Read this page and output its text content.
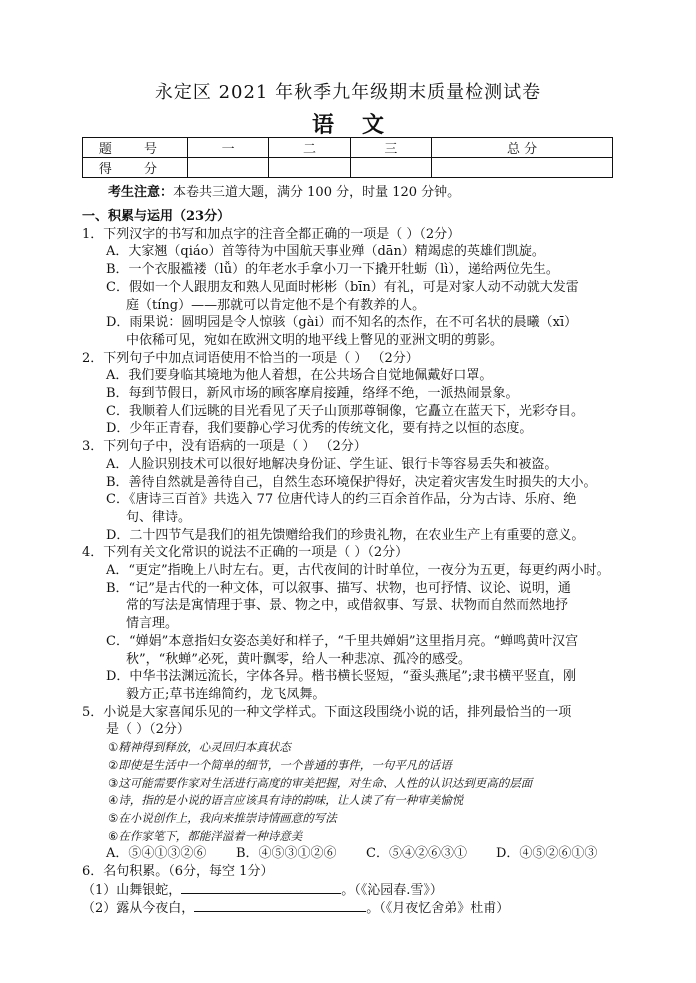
永定区 2021 年秋季九年级期末质量检测试卷
语文
题 号	一	二	三	总 分
得 分				
考生注意：本卷共三道大题，满分 100 分，时量 120 分钟。
一、积累与运用（23分）
1．下列汉字的书写和加点字的注音全都正确的一项是（ ）（2分）
A．大家翘（qiáo）首等待为中国航天事业殚（dān）精竭虑的英雄们凯旋。
B．一个衣服褴褛（lǚ）的年老水手拿小刀一下撬开牡蛎（lì），递给两位先生。
C．假如一个人跟朋友和熟人见面时彬彬（bīn）有礼，可是对家人动不动就大发雷
庭（tíng）——那就可以肯定他不是个有教养的人。
D．雨果说：圆明园是令人惊骇（gài）而不知名的杰作，在不可名状的晨曦（xī）
中依稀可见，宛如在欧洲文明的地平线上瞥见的亚洲文明的剪影。
2．下列句子中加点词语使用不恰当的一项是（ ） （2分）
A．我们要身临其境地为他人着想，在公共场合自觉地佩戴好口罩。
B．每到节假日，新风市场的顾客摩肩接踵，络绎不绝，一派热闹景象。
C．我顺着人们远眺的目光看见了天子山顶那尊铜像，它矗立在蓝天下，光彩夺目。
D．少年正青春，我们要静心学习优秀的传统文化，要有持之以恒的态度。
3．下列句子中，没有语病的一项是（ ） （2分）
A．人脸识别技术可以很好地解决身份证、学生证、银行卡等容易丢失和被盗。
B．善待自然就是善待自己，自然生态环境保护得好，决定着灾害发生时损失的大小。
C．《唐诗三百首》共选入 77 位唐代诗人的约三百余首作品，分为古诗、乐府、绝
句、律诗。
D．二十四节气是我们的祖先馈赠给我们的珍贵礼物，在农业生产上有重要的意义。
4．下列有关文化常识的说法不正确的一项是（ ）（2分）
A．“更定”指晚上八时左右。更，古代夜间的计时单位，一夜分为五更，每更约两小时。
B．“记”是古代的一种文体，可以叙事、描写、状物，也可抒情、议论、说明，通
常的写法是寓情理于事、景、物之中，或借叙事、写景、状物而自然而然地抒
情言理。
C．“婵娟”本意指妇女姿态美好和样子，“千里共婵娟”这里指月亮。“蝉鸣黄叶汉宫
秋”，“秋蝉”必死，黄叶飘零，给人一种悲凉、孤冷的感受。
D．中华书法渊远流长，字体各异。楷书横长竖短，“蚕头燕尾”;隶书横平竖直，刚
毅方正;草书连绵简约，龙飞凤舞。
5．小说是大家喜闻乐见的一种文学样式。下面这段围绕小说的话，排列最恰当的一项
是（ ）（2分）
①精神得到释放，心灵回归本真状态
②即使是生活中一个简单的细节，一个普通的事件，一句平凡的话语
③这可能需要作家对生活进行高度的审美把握，对生命、人性的认识达到更高的层面
④诗，指的是小说的语言应该具有诗的韵味，让人读了有一种审美愉悦
⑤在小说创作上，我向来推崇诗情画意的写法
⑥在作家笔下，都能洋溢着一种诗意美
A．⑤④①③②⑥ B．④⑤③①②⑥ C．⑤④②⑥③① D．④⑤②⑥①③
6．名句积累。（6分，每空 1分）
（1）山舞银蛇，	。（《沁园春.雪》）
（2）露从今夜白，	。（《月夜忆舍弟》杜甫）
